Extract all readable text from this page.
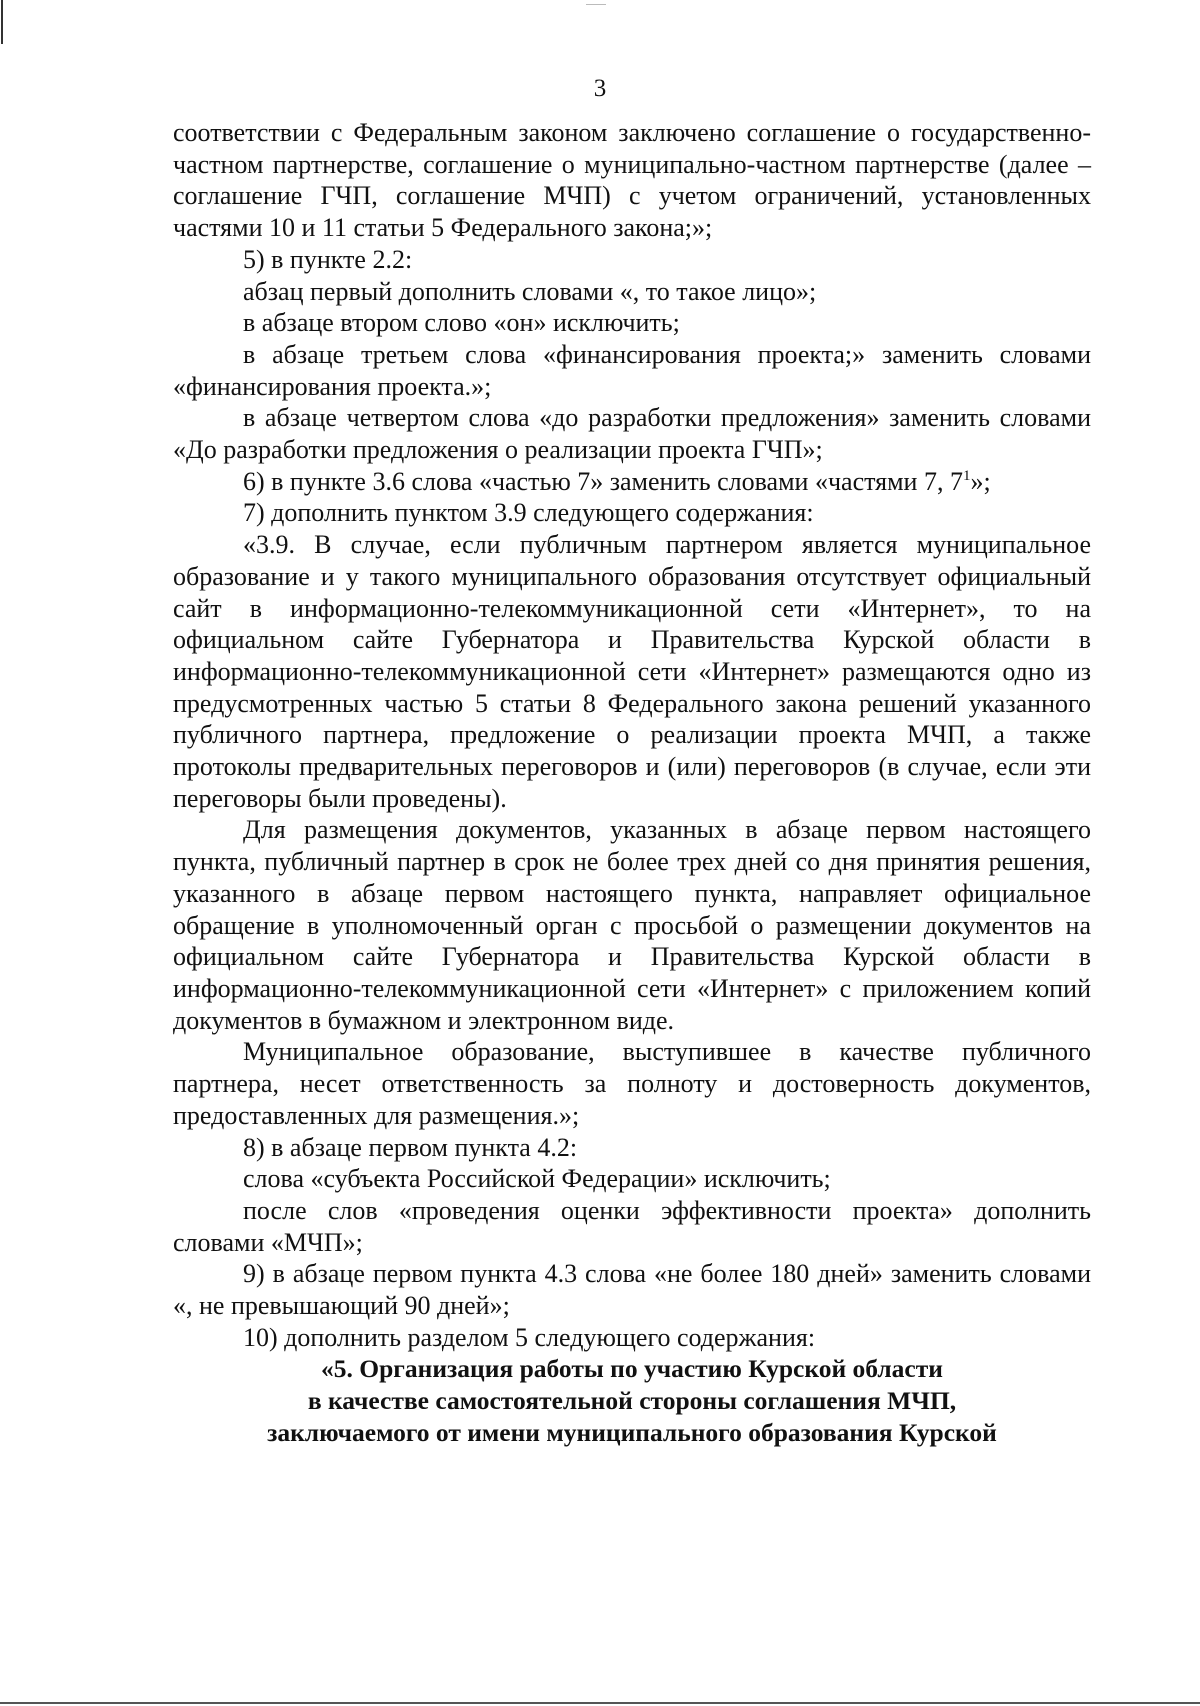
3

соответствии с Федеральным законом заключено соглашение о государственно-частном партнерстве, соглашение о муниципально-частном партнерстве (далее – соглашение ГЧП, соглашение МЧП) с учетом ограничений, установленных частями 10 и 11 статьи 5 Федерального закона;»;

5) в пункте 2.2:

абзац первый дополнить словами «, то такое лицо»;

в абзаце втором слово «он» исключить;

в абзаце третьем слова «финансирования проекта;» заменить словами «финансирования проекта.»;

в абзаце четвертом слова «до разработки предложения» заменить словами «До разработки предложения о реализации проекта ГЧП»;

6) в пункте 3.6 слова «частью 7» заменить словами «частями 7, $7^1$»;

7) дополнить пунктом 3.9 следующего содержания:

«3.9. В случае, если публичным партнером является муниципальное образование и у такого муниципального образования отсутствует официальный сайт в информационно-телекоммуникационной сети «Интернет», то на официальном сайте Губернатора и Правительства Курской области в информационно-телекоммуникационной сети «Интернет» размещаются одно из предусмотренных частью 5 статьи 8 Федерального закона решений указанного публичного партнера, предложение о реализации проекта МЧП, а также протоколы предварительных переговоров и (или) переговоров (в случае, если эти переговоры были проведены).

Для размещения документов, указанных в абзаце первом настоящего пункта, публичный партнер в срок не более трех дней со дня принятия решения, указанного в абзаце первом настоящего пункта, направляет официальное обращение в уполномоченный орган с просьбой о размещении документов на официальном сайте Губернатора и Правительства Курской области в информационно-телекоммуникационной сети «Интернет» с приложением копий документов в бумажном и электронном виде.

Муниципальное образование, выступившее в качестве публичного партнера, несет ответственность за полноту и достоверность документов, предоставленных для размещения.»;

8) в абзаце первом пункта 4.2:

слова «субъекта Российской Федерации» исключить;

после слов «проведения оценки эффективности проекта» дополнить словами «МЧП»;

9) в абзаце первом пункта 4.3 слова «не более 180 дней» заменить словами «, не превышающий 90 дней»;

10) дополнить разделом 5 следующего содержания:

«5. Организация работы по участию Курской области
в качестве самостоятельной стороны соглашения МЧП,
заключаемого от имени муниципального образования Курской
